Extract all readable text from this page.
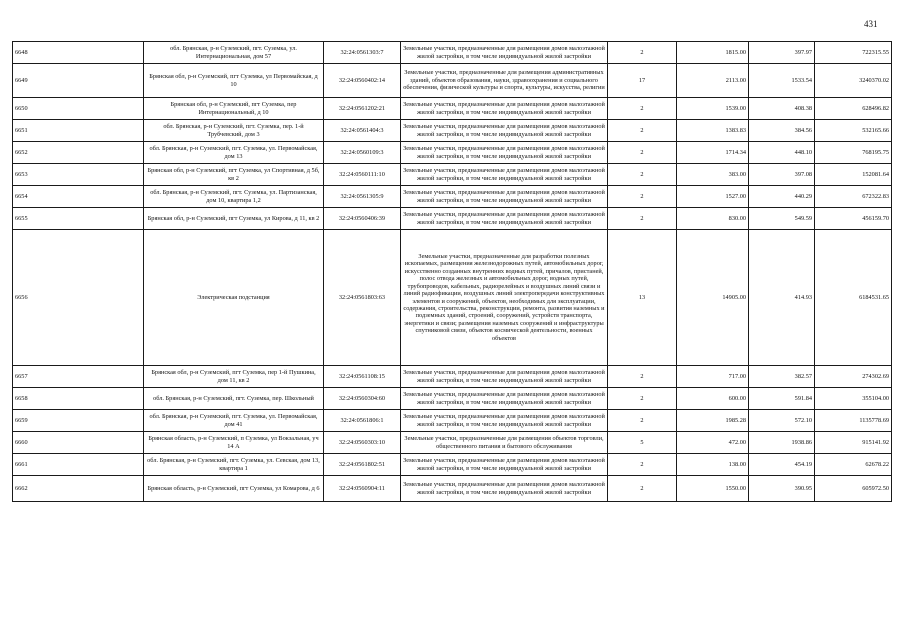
431
6648	обл. Брянская, р-н Суземский, пгт. Суземка, ул. Интернациональная, дом 57	32:24:0561303:7	Земельные участки, предназначенные для размещения домов малоэтажной жилой застройки, в том числе индивидуальной жилой застройки	2	1815.00	397.97	722315.55
6649	Брянская обл, р-н Суземский, пгт Суземка, ул Первомайская, д 10	32:24:0560402:14	Земельные участки, предназначенные для размещения административных зданий, объектов образования, науки, здравоохранения и социального обеспечения, физической культуры и спорта, культуры, искусства, религии	17	2113.00	1533.54	3240370.02
6650	Брянская обл, р-н Суземский, пгт Суземка, пер Интернациональный, д 10	32:24:0561202:21	Земельные участки, предназначенные для размещения домов малоэтажной жилой застройки, в том числе индивидуальной жилой застройки	2	1539.00	408.38	628496.82
6651	обл. Брянская, р-н Суземский, пгт. Суземка, пер. 1-й Трубчевский, дом 3	32:24:0561404:3	Земельные участки, предназначенные для размещения домов малоэтажной жилой застройки, в том числе индивидуальной жилой застройки	2	1383.83	384.56	532165.66
6652	обл. Брянская, р-н Суземский, пгт. Суземка, ул. Первомайская, дом 13	32:24:0560109:3	Земельные участки, предназначенные для размещения домов малоэтажной жилой застройки, в том числе индивидуальной жилой застройки	2	1714.34	448.10	768195.75
6653	Брянская обл, р-н Суземский, пгт Суземка, ул Спортивная, д 5б, кв 2	32:24:0560111:10	Земельные участки, предназначенные для размещения домов малоэтажной жилой застройки, в том числе индивидуальной жилой застройки	2	383.00	397.08	152081.64
6654	обл. Брянская, р-н Суземский, пгт. Суземка, ул. Партизанская, дом 10, квартира 1,2	32:24:0561305:9	Земельные участки, предназначенные для размещения домов малоэтажной жилой застройки, в том числе индивидуальной жилой застройки	2	1527.00	440.29	672322.83
6655	Брянская обл, р-н Суземский, пгт Суземка, ул Кирова, д 11, кв 2	32:24:0560406:39	Земельные участки, предназначенные для размещения домов малоэтажной жилой застройки, в том числе индивидуальной жилой застройки	2	830.00	549.59	456159.70
6656	Электрическая подстанция	32:24:0561803:63	Земельные участки, предназначенные для разработки полезных ископаемых, размещения железнодорожных путей, автомобильных дорог, искусственно созданных внутренних водных путей, причалов, пристаней, полос отвода железных и автомобильных дорог, водных путей, трубопроводов, кабельных, радиорелейных и воздушных линий связи и линий радиофикации, воздушных линий электропередачи конструктивных элементов и сооружений, объектов, необходимых для эксплуатации, содержания, строительства, реконструкции, ремонта, развития наземных и подземных зданий, строений, сооружений, устройств транспорта, энергетики и связи; размещения наземных сооружений и инфраструктуры спутниковой связи, объектов космической деятельности, военных объектов	13	14905.00	414.93	6184531.65
6657	Брянская обл, р-н Суземский, пгт Суземка, пер 1-й Пушкина, дом 11, кв 2	32:24:0561108:15	Земельные участки, предназначенные для размещения домов малоэтажной жилой застройки, в том числе индивидуальной жилой застройки	2	717.00	382.57	274302.69
6658	обл. Брянская, р-н Суземский, пгт. Суземка, пер. Школьный	32:24:0560304:60	Земельные участки, предназначенные для размещения домов малоэтажной жилой застройки, в том числе индивидуальной жилой застройки	2	600.00	591.84	355104.00
6659	обл. Брянская, р-н Суземский, пгт. Суземка, ул. Первомайская, дом 41	32:24:0561806:1	Земельные участки, предназначенные для размещения домов малоэтажной жилой застройки, в том числе индивидуальной жилой застройки	2	1985.28	572.10	1135778.69
6660	Брянская область, р-н Суземский, п Суземка, ул Вокзальная, уч 14 А	32:24:0560303:10	Земельные участки, предназначенные для размещения объектов торговли, общественного питания и бытового обслуживания	5	472.00	1938.86	915141.92
6661	обл. Брянская, р-н Суземский, пгт. Суземка, ул. Севская, дом 13, квартира 1	32:24:0561802:51	Земельные участки, предназначенные для размещения домов малоэтажной жилой застройки, в том числе индивидуальной жилой застройки	2	138.00	454.19	62678.22
6662	Брянская область, р-н Суземский, пгт Суземка, ул Комарова, д 6	32:24:0560904:11	Земельные участки, предназначенные для размещения домов малоэтажной жилой застройки, в том числе индивидуальной жилой застройки	2	1550.00	390.95	605972.50
